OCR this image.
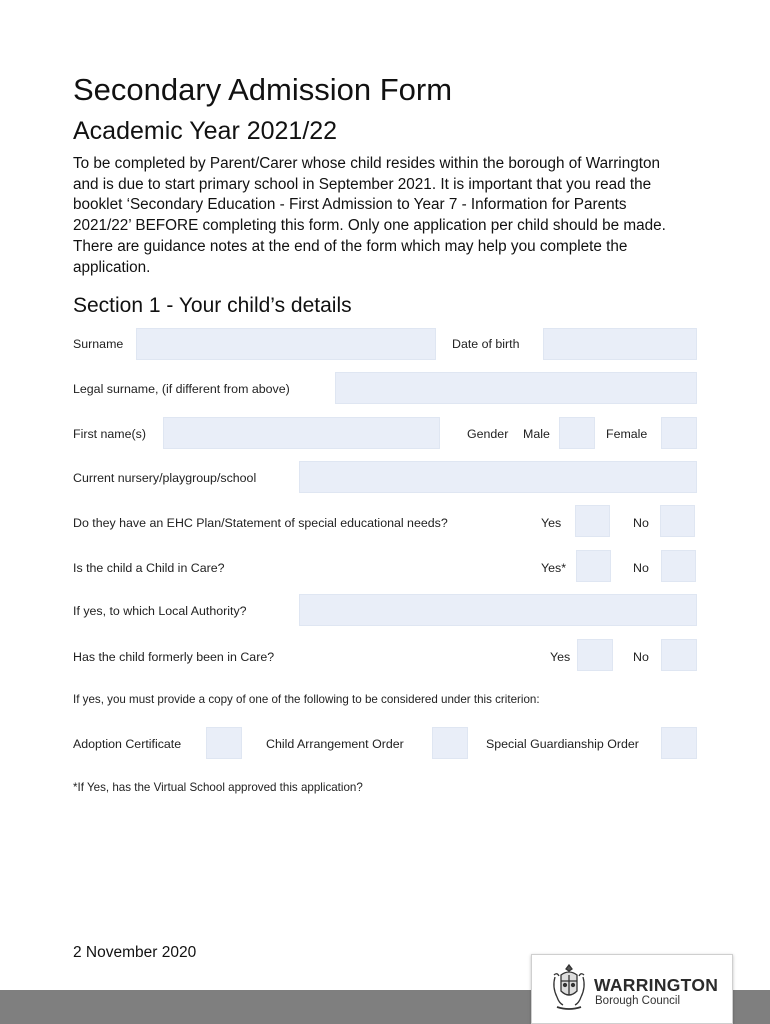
Secondary Admission Form
Academic Year 2021/22
To be completed by Parent/Carer whose child resides within the borough of Warrington and is due to start primary school in September 2021. It is important that you read the booklet ‘Secondary Education - First Admission to Year 7 - Information for Parents 2021/22’ BEFORE completing this form. Only one application per child should be made. There are guidance notes at the end of the form which may help you complete the application.
Section 1 - Your child’s details
Surname	Date of birth
Legal surname, (if different from above)
First name(s)	Gender Male	Female
Current nursery/playgroup/school
Do they have an EHC Plan/Statement of special educational needs?	Yes	No
Is the child a Child in Care?	Yes*	No
If yes, to which Local Authority?
Has the child formerly been in Care?	Yes	No
If yes, you must provide a copy of one of the following to be considered under this criterion:
Adoption Certificate	Child Arrangement Order	Special Guardianship Order
*If Yes, has the Virtual School approved this application?
2 November 2020
WARRINGTON
Borough Council
